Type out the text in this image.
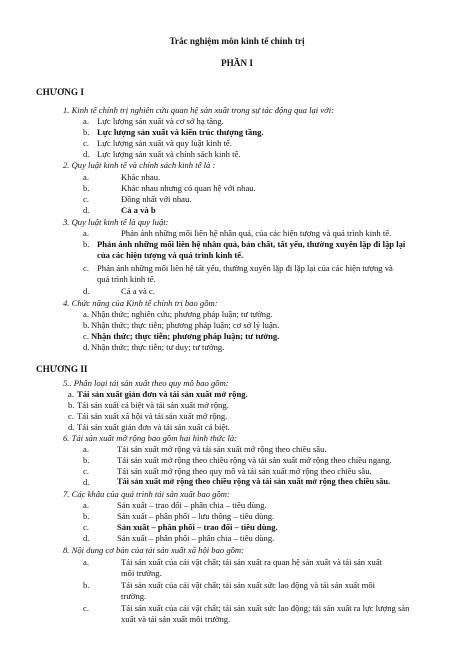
Trắc nghiệm môn kinh tế chính trị
PHẦN I
CHƯƠNG I
1. Kinh tế chính trị nghiên cứu quan hệ sản xuất trong sự tác động qua lại với:
a. Lực lượng sản xuất và cơ sở hạ tầng.
b. Lực lượng sản xuất và kiến trúc thượng tầng.
c. Lực lượng sản xuất và quy luật kinh tế.
d. Lực lượng sản xuất và chính sách kinh tế.
2. Quy luật kinh tế và chính sách kinh tế là :
a.	Khác nhau.
b.	Khác nhau nhưng có quan hệ với nhau.
c.	Đồng nhất với nhau.
d.	Cả a và b
3. Quy luật kinh tế là quy luật:
a.	Phản ánh những mối liên hệ nhân quả, của các hiện tượng và quá trình kinh tế.
b. Phản ánh những mối liên hệ nhân quả, bản chất, tất yếu, thường xuyên lặp đi lặp lại
của các hiện tượng và quá trình kinh tế.
c. Phản ánh những mối liên hệ tất yếu, thường xuyên lặp đi lặp lại của các hiện tượng và
quá trình kinh tế.
d.	Cả a và c.
4. Chức năng của Kinh tế chính trị bao gồm:
a. Nhận thức; nghiên cứu; phương pháp luận; tư tưởng.
b. Nhận thức; thực tiễn; phương pháp luận; cơ sở lý luận.
c. Nhận thức; thực tiễn; phương pháp luận; tư tưởng.
d. Nhận thức; thực tiễn; tư duy; tư tưởng.
CHƯƠNG II
5.. Phân loại tái sản xuất theo quy mô bao gồm:
a. Tái sản xuất giản đơn và tái sản xuất mở rộng.
b. Tái sản xuất cá biệt và tái sản xuất mở rộng.
c. Tái sản xuất xã hội và tái sản xuất mở rộng.
d. Tái sản xuất giản đơn và tái sản xuất cá biệt.
6. Tái sản xuất mở rộng bao gồm hai hình thức là:
a.	Tái sản xuất mở rộng và tái sản xuất mở rộng theo chiều sâu.
b.	Tái sản xuất mở rộng theo chiều rộng và tái sản xuất mở rộng theo chiều ngang.
c.	Tái sản xuất mở rộng theo quy mô và tái sản xuất mở rộng theo chiều sâu.
d.	Tái sản xuất mở rộng theo chiều rộng và tái sản xuất mở rộng theo chiều sâu.
7. Các khâu của quá trình tái sản xuất bao gồm:
a.	Sản xuất – trao đổi – phân chia – tiêu dùng.
b.	Sản xuất – phân phối – lưu thông – tiêu dùng.
c.	Sản xuất – phân phối – trao đổi – tiêu dùng.
d.	Sản xuất – phân phối – phân chia – tiêu dùng.
8. Nội dung cơ bản của tái sản xuất xã hội bao gồm:
a.	Tái sản xuất của cải vật chất; tái sản xuất ra quan hệ sản xuất và tái sản xuất
môi trường.
b.	Tái sản xuất của cải vật chất; tái sản xuất sức lao động và tái sản xuất môi
trường.
c.	Tái sản xuất của cải vật chất; tái sản xuất sức lao động; tái sản xuất ra lực lượng sản
xuất và tái sản xuất môi trường.
